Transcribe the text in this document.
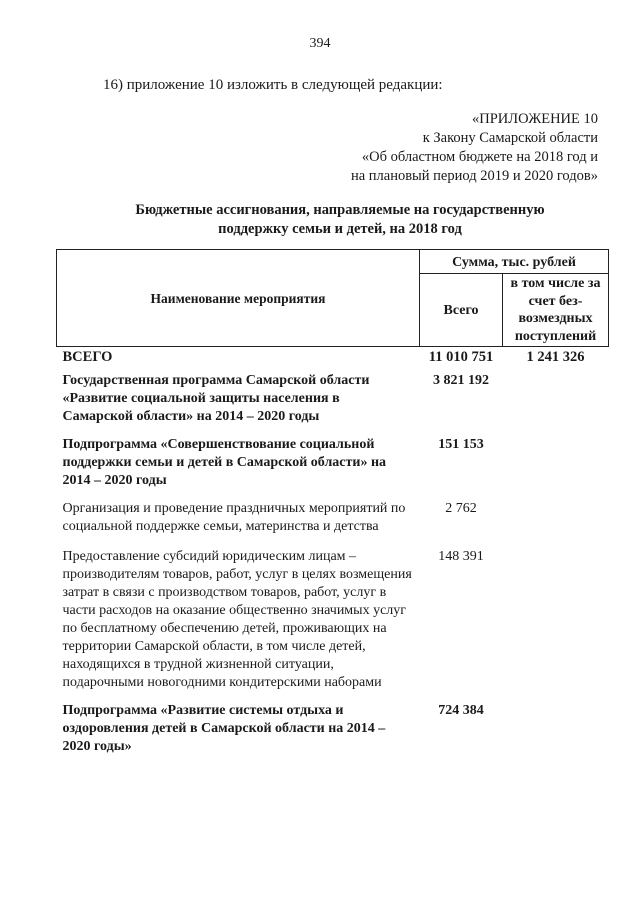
394
16) приложение 10 изложить в следующей редакции:
«ПРИЛОЖЕНИЕ 10
к Закону Самарской области
«Об областном бюджете на 2018 год и
на плановый период 2019 и 2020 годов»
Бюджетные ассигнования, направляемые на государственную
поддержку семьи и детей, на 2018 год
Наименование мероприятия	Сумма, тыс. рублей	
	Всего	в том числе за счет без-возмездных поступлений
ВСЕГО	11 010 751	1 241 326
Государственная программа Самарской области «Развитие социальной защиты населения в Самарской области» на 2014 – 2020 годы	3 821 192	
Подпрограмма «Совершенствование социальной поддержки семьи и детей в Самарской области» на 2014 – 2020 годы	151 153	
Организация и проведение праздничных мероприятий по социальной поддержке семьи, материнства и детства	2 762	
Предоставление субсидий юридическим лицам – производителям товаров, работ, услуг в целях возмещения затрат в связи с производством товаров, работ, услуг в части расходов на оказание общественно значимых услуг по бесплатному обеспечению детей, проживающих на территории Самарской области, в том числе детей, находящихся в трудной жизненной ситуации, подарочными новогодними кондитерскими наборами	148 391	
Подпрограмма «Развитие системы отдыха и оздоровления детей в Самарской области на 2014 – 2020 годы»	724 384	
